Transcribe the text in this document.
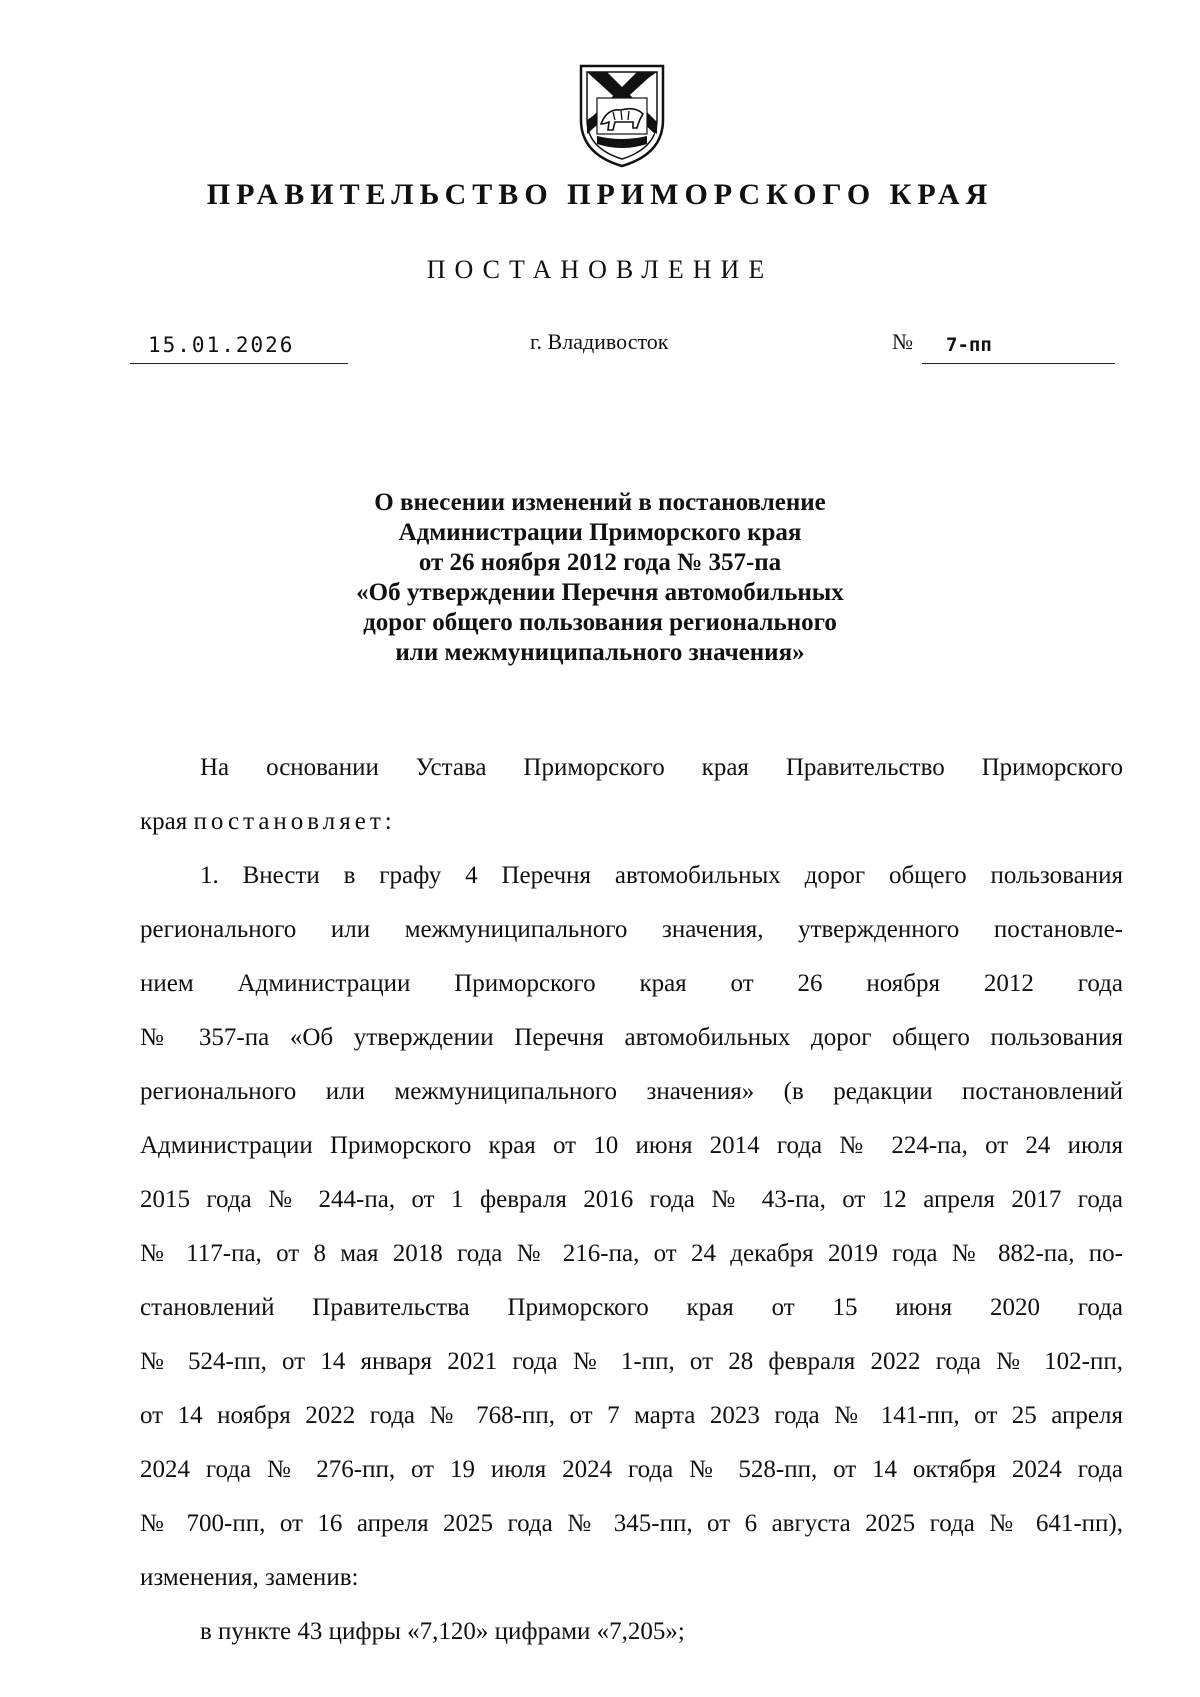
ПРАВИТЕЛЬСТВО ПРИМОРСКОГО КРАЯ
ПОСТАНОВЛЕНИЕ
15.01.2026	г. Владивосток	№ 7-пп
О внесении изменений в постановление
Администрации Приморского края
от 26 ноября 2012 года № 357-па
«Об утверждении Перечня автомобильных
дорог общего пользования регионального
или межмуниципального значения»
На основании Устава Приморского края Правительство Приморского
края постановляет:
1. Внести в графу 4 Перечня автомобильных дорог общего пользования
регионального или межмуниципального значения, утвержденного постановле-
нием Администрации Приморского края от 26 ноября 2012 года
№ 357-па «Об утверждении Перечня автомобильных дорог общего пользования
регионального или межмуниципального значения» (в редакции постановлений
Администрации Приморского края от 10 июня 2014 года № 224-па, от 24 июля
2015 года № 244-па, от 1 февраля 2016 года № 43-па, от 12 апреля 2017 года
№ 117-па, от 8 мая 2018 года № 216-па, от 24 декабря 2019 года № 882-па, по-
становлений Правительства Приморского края от 15 июня 2020 года
№ 524-пп, от 14 января 2021 года № 1-пп, от 28 февраля 2022 года № 102-пп,
от 14 ноября 2022 года № 768-пп, от 7 марта 2023 года № 141-пп, от 25 апреля
2024 года № 276-пп, от 19 июля 2024 года № 528-пп, от 14 октября 2024 года
№ 700-пп, от 16 апреля 2025 года № 345-пп, от 6 августа 2025 года № 641-пп),
изменения, заменив:
в пункте 43 цифры «7,120» цифрами «7,205»;
